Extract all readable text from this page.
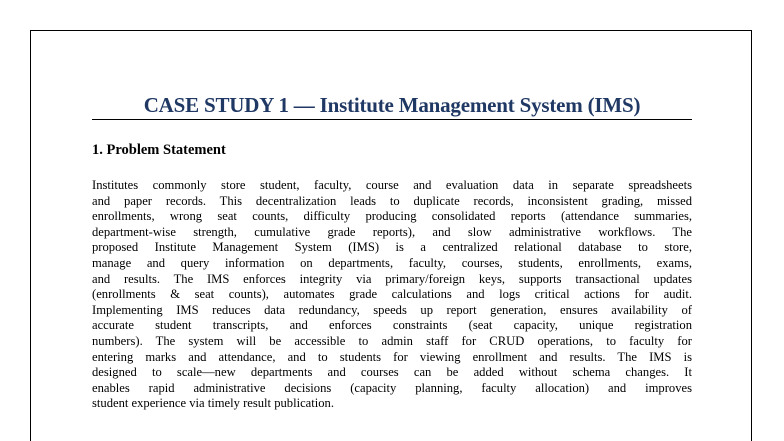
CASE STUDY 1 — Institute Management System (IMS)
1. Problem Statement

Institutes commonly store student, faculty, course and evaluation data in separate spreadsheets
and paper records. This decentralization leads to duplicate records, inconsistent grading, missed
enrollments, wrong seat counts, difficulty producing consolidated reports (attendance summaries,
department-wise strength, cumulative grade reports), and slow administrative workflows. The
proposed Institute Management System (IMS) is a centralized relational database to store,
manage and query information on departments, faculty, courses, students, enrollments, exams,
and results. The IMS enforces integrity via primary/foreign keys, supports transactional updates
(enrollments & seat counts), automates grade calculations and logs critical actions for audit.
Implementing IMS reduces data redundancy, speeds up report generation, ensures availability of
accurate student transcripts, and enforces constraints (seat capacity, unique registration
numbers). The system will be accessible to admin staff for CRUD operations, to faculty for
entering marks and attendance, and to students for viewing enrollment and results. The IMS is
designed to scale—new departments and courses can be added without schema changes. It
enables rapid administrative decisions (capacity planning, faculty allocation) and improves
student experience via timely result publication.
